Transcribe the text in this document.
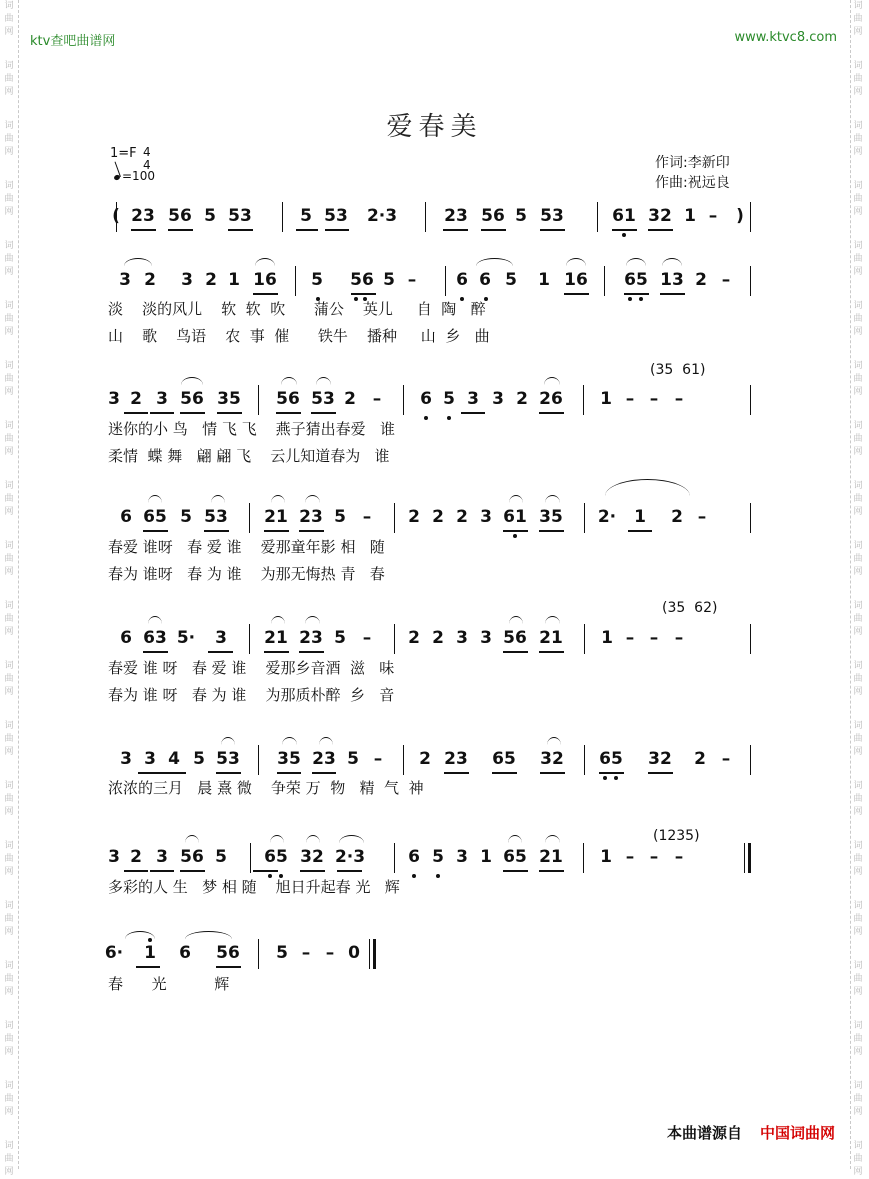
词
曲
网
词
曲
网
词
曲
网
词
曲
网
词
曲
网
词
曲
网
词
曲
网
词
曲
网
词
曲
网
词
曲
网
词
曲
网
词
曲
网
词
曲
网
词
曲
网
词
曲
网
词
曲
网
词
曲
网
词
曲
网
词
曲
网
词
曲
网
词
曲
网
词
曲
网
词
曲
网
词
曲
网
词
曲
网
词
曲
网
词
曲
网
词
曲
网
词
曲
网
词
曲
网
词
曲
网
词
曲
网
词
曲
网
词
曲
网
词
曲
网
词
曲
网
词
曲
网
词
曲
网
词
曲
网
词
曲
网
ktv查吧曲谱网	www.ktvc8.com
爱春美
1=F 4
4
=100
作词:李新印
作曲:祝远良
( 23 56 5 53	5 53 2·3	23 56 5 53	61 32 1 – )
3 2 3 2 1 16 5 56 5 – 6 6 5 1 16 65 13 2 –
淡    淡的风儿    软  软  吹      蒲公    英儿     自  陶   醉
山    歌    鸟语    农  事  催      铁牛    播种     山  乡   曲
3 2 3 56 35 56 53 2 – 6 5 3 3 2 26 1 – – –
迷你的小 鸟   情 飞 飞    燕子猜出春爱   谁
柔情  蝶 舞   翩 翩 飞    云儿知道春为   谁
(35  61)
6 65 5 53 21 23 5 – 2 2 2 3 61 35 2· 1 2 –
春爱 谁呀   春 爱 谁    爱那童年影 相   随
春为 谁呀   春 为 谁    为那无悔热 青   春
6 63 5· 3 21 23 5 – 2 2 3 3 56 21 1 – – –
春爱 谁 呀   春 爱 谁    爱那乡音酒  滋   味
春为 谁 呀   春 为 谁    为那质朴醉  乡   音
(35  62)
3 3 4 5 53 35 23 5 – 2 23 65 32 65 32 2 –
浓浓的三月   晨 熹 微    争荣 万  物   精  气  神
3 2 3 56 5 65 32 2·3	6 5 3 1 65 21 1 – – –
多彩的人 生   梦 相 随    旭日升起春 光   辉
(1235)
6· 1 6 56 5 – – 0
春      光          辉
本曲谱源自 中国词曲网
